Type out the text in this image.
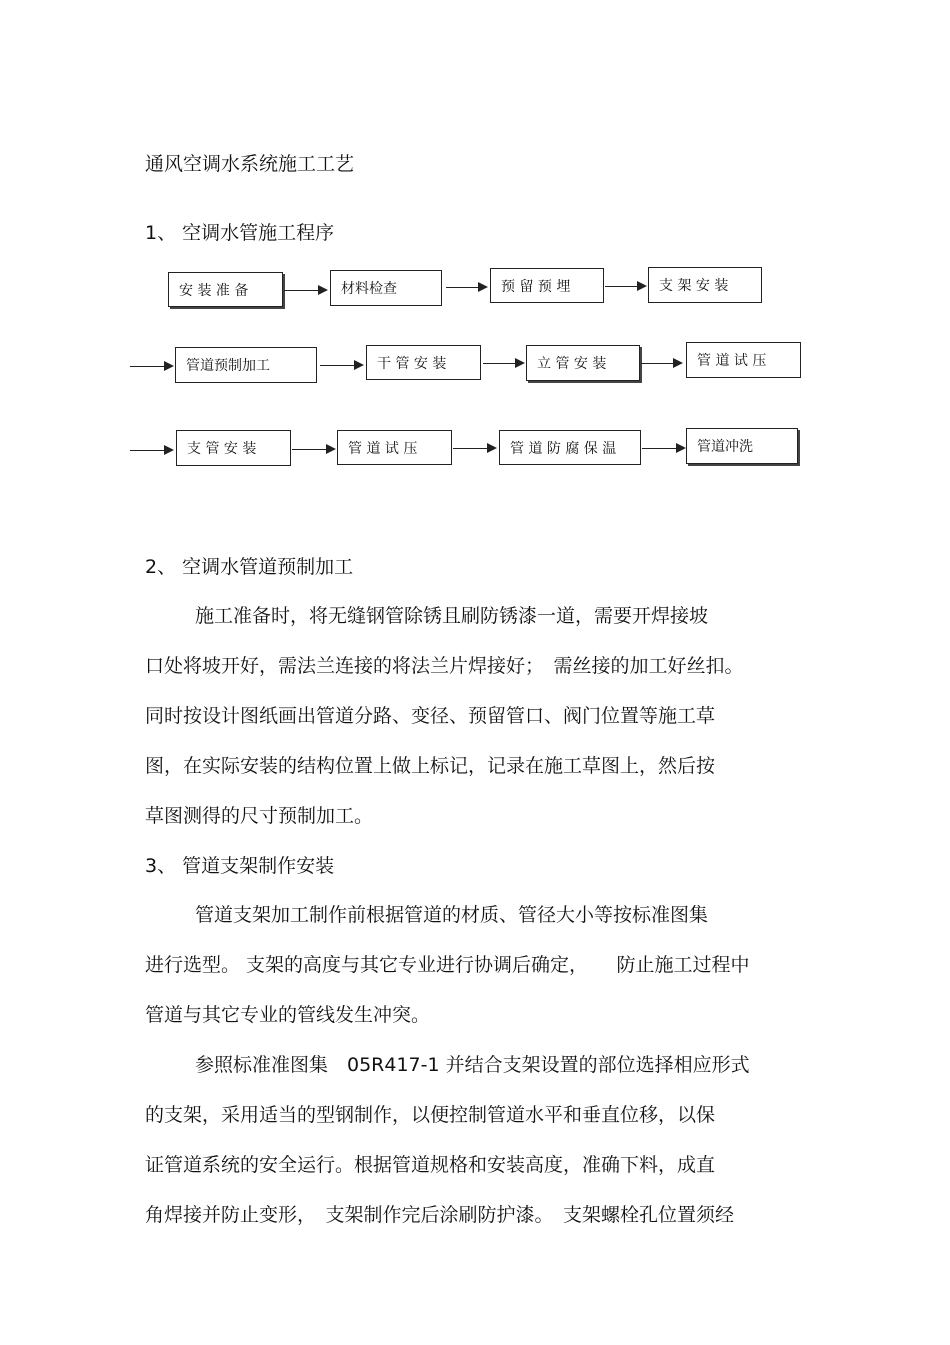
通风空调水系统施工工艺
1、 空调水管施工程序
安 装 准 备	材料检查	预 留 预 埋	支 架 安 装
管道预制加工	干 管 安 装	立 管 安 装	管 道 试 压
支 管 安 装	管 道 试 压	管 道 防 腐 保 温	管道冲洗
2、 空调水管道预制加工
施工准备时，将无缝钢管除锈且刷防锈漆一道，需要开焊接坡
口处将坡开好，需法兰连接的将法兰片焊接好；　需丝接的加工好丝扣。
同时按设计图纸画出管道分路、变径、预留管口、阀门位置等施工草
图，在实际安装的结构位置上做上标记，记录在施工草图上，然后按
草图测得的尺寸预制加工。
3、 管道支架制作安装
管道支架加工制作前根据管道的材质、管径大小等按标准图集
进行选型。 支架的高度与其它专业进行协调后确定，　　防止施工过程中
管道与其它专业的管线发生冲突。
参照标准准图集　05R417-1 并结合支架设置的部位选择相应形式
的支架，采用适当的型钢制作，以便控制管道水平和垂直位移，以保
证管道系统的安全运行。根据管道规格和安装高度，准确下料，成直
角焊接并防止变形，　支架制作完后涂刷防护漆。　支架螺栓孔位置须经
